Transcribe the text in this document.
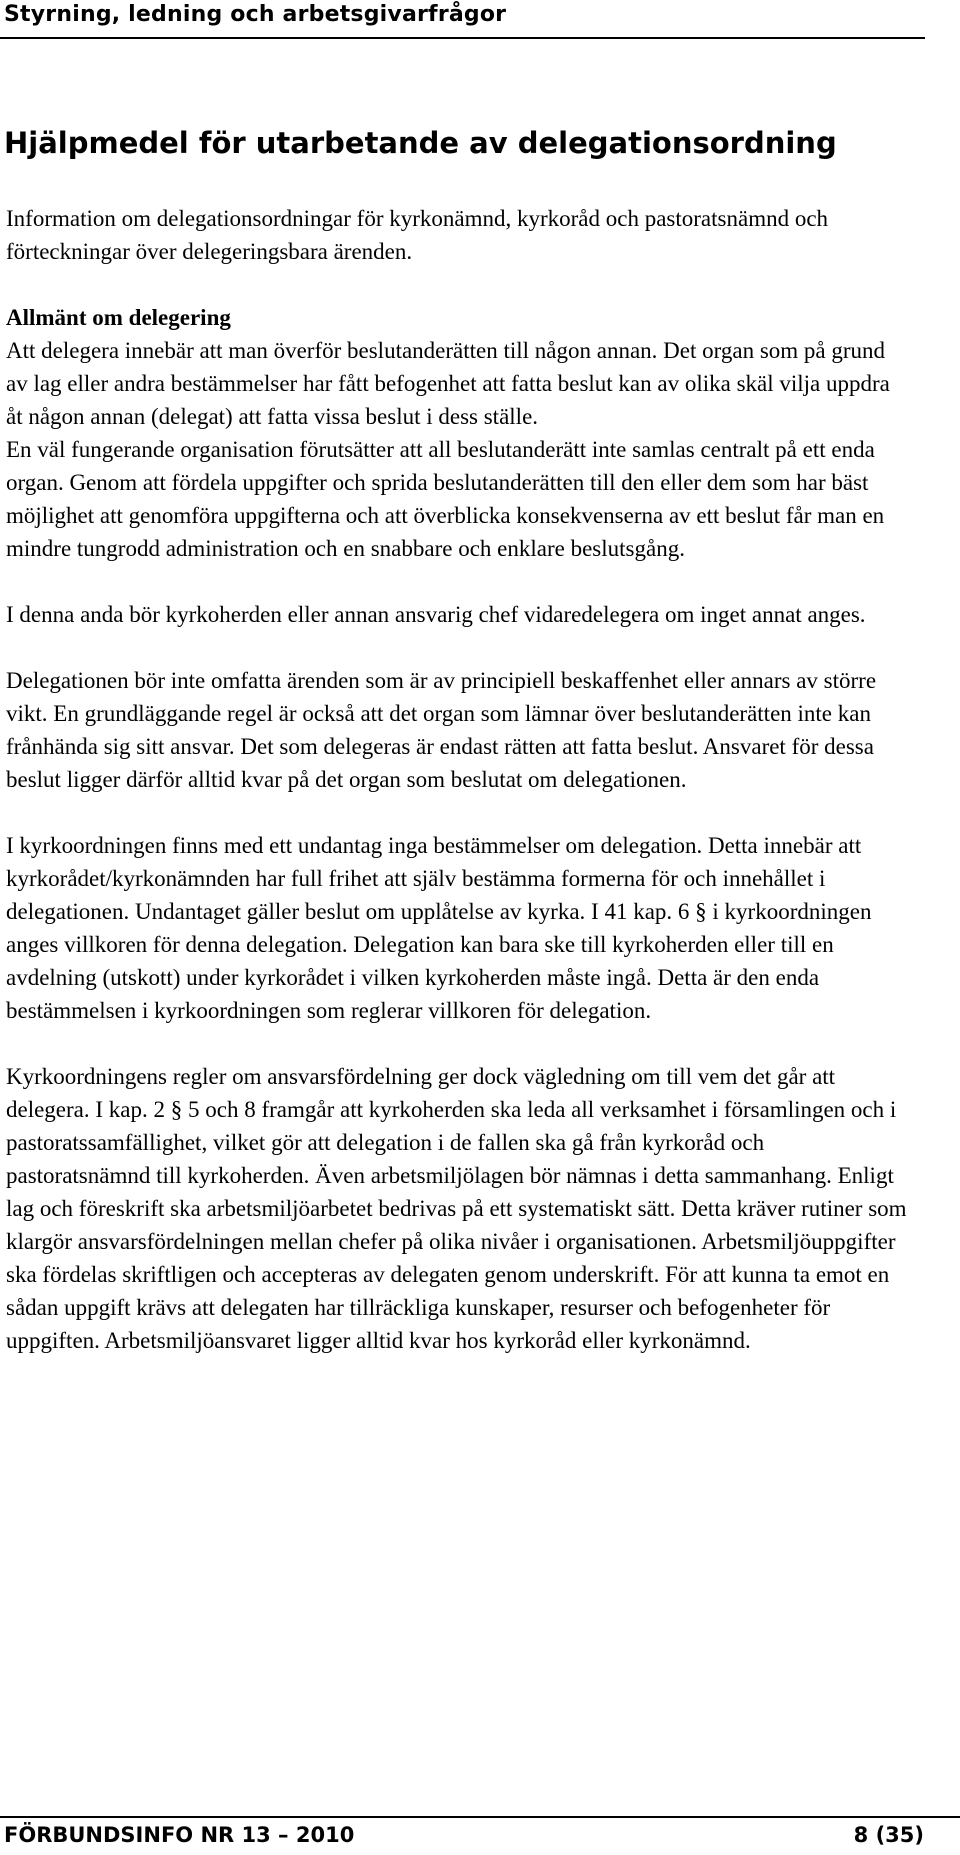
Styrning, ledning och arbetsgivarfrågor
Hjälpmedel för utarbetande av delegationsordning

Information om delegationsordningar för kyrkonämnd, kyrkoråd och pastoratsnämnd och förteckningar över delegeringsbara ärenden.

Allmänt om delegering

Att delegera innebär att man överför beslutanderätten till någon annan. Det organ som på grund av lag eller andra bestämmelser har fått befogenhet att fatta beslut kan av olika skäl vilja uppdra åt någon annan (delegat) att fatta vissa beslut i dess ställe.

En väl fungerande organisation förutsätter att all beslutanderätt inte samlas centralt på ett enda organ. Genom att fördela uppgifter och sprida beslutanderätten till den eller dem som har bäst möjlighet att genomföra uppgifterna och att överblicka konsekvenserna av ett beslut får man en mindre tungrodd administration och en snabbare och enklare beslutsgång.

I denna anda bör kyrkoherden eller annan ansvarig chef vidaredelegera om inget annat anges.

Delegationen bör inte omfatta ärenden som är av principiell beskaffenhet eller annars av större vikt. En grundläggande regel är också att det organ som lämnar över beslutanderätten inte kan frånhända sig sitt ansvar. Det som delegeras är endast rätten att fatta beslut. Ansvaret för dessa beslut ligger därför alltid kvar på det organ som beslutat om delegationen.

I kyrkoordningen finns med ett undantag inga bestämmelser om delegation. Detta innebär att kyrkorådet/kyrkonämnden har full frihet att själv bestämma formerna för och innehållet i delegationen. Undantaget gäller beslut om upplåtelse av kyrka. I 41 kap. 6 § i kyrkoordningen anges villkoren för denna delegation. Delegation kan bara ske till kyrkoherden eller till en avdelning (utskott) under kyrkorådet i vilken kyrkoherden måste ingå. Detta är den enda bestämmelsen i kyrkoordningen som reglerar villkoren för delegation.

Kyrkoordningens regler om ansvarsfördelning ger dock vägledning om till vem det går att delegera. I kap. 2 § 5 och 8 framgår att kyrkoherden ska leda all verksamhet i församlingen och i pastoratssamfällighet, vilket gör att delegation i de fallen ska gå från kyrkoråd och pastoratsnämnd till kyrkoherden. Även arbetsmiljölagen bör nämnas i detta sammanhang. Enligt lag och föreskrift ska arbetsmiljöarbetet bedrivas på ett systematiskt sätt. Detta kräver rutiner som klargör ansvarsfördelningen mellan chefer på olika nivåer i organisationen. Arbetsmiljöuppgifter ska fördelas skriftligen och accepteras av delegaten genom underskrift. För att kunna ta emot en sådan uppgift krävs att delegaten har tillräckliga kunskaper, resurser och befogenheter för uppgiften. Arbetsmiljöansvaret ligger alltid kvar hos kyrkoråd eller kyrkonämnd.

FÖRBUNDSINFO NR 13 – 2010	8 (35)
